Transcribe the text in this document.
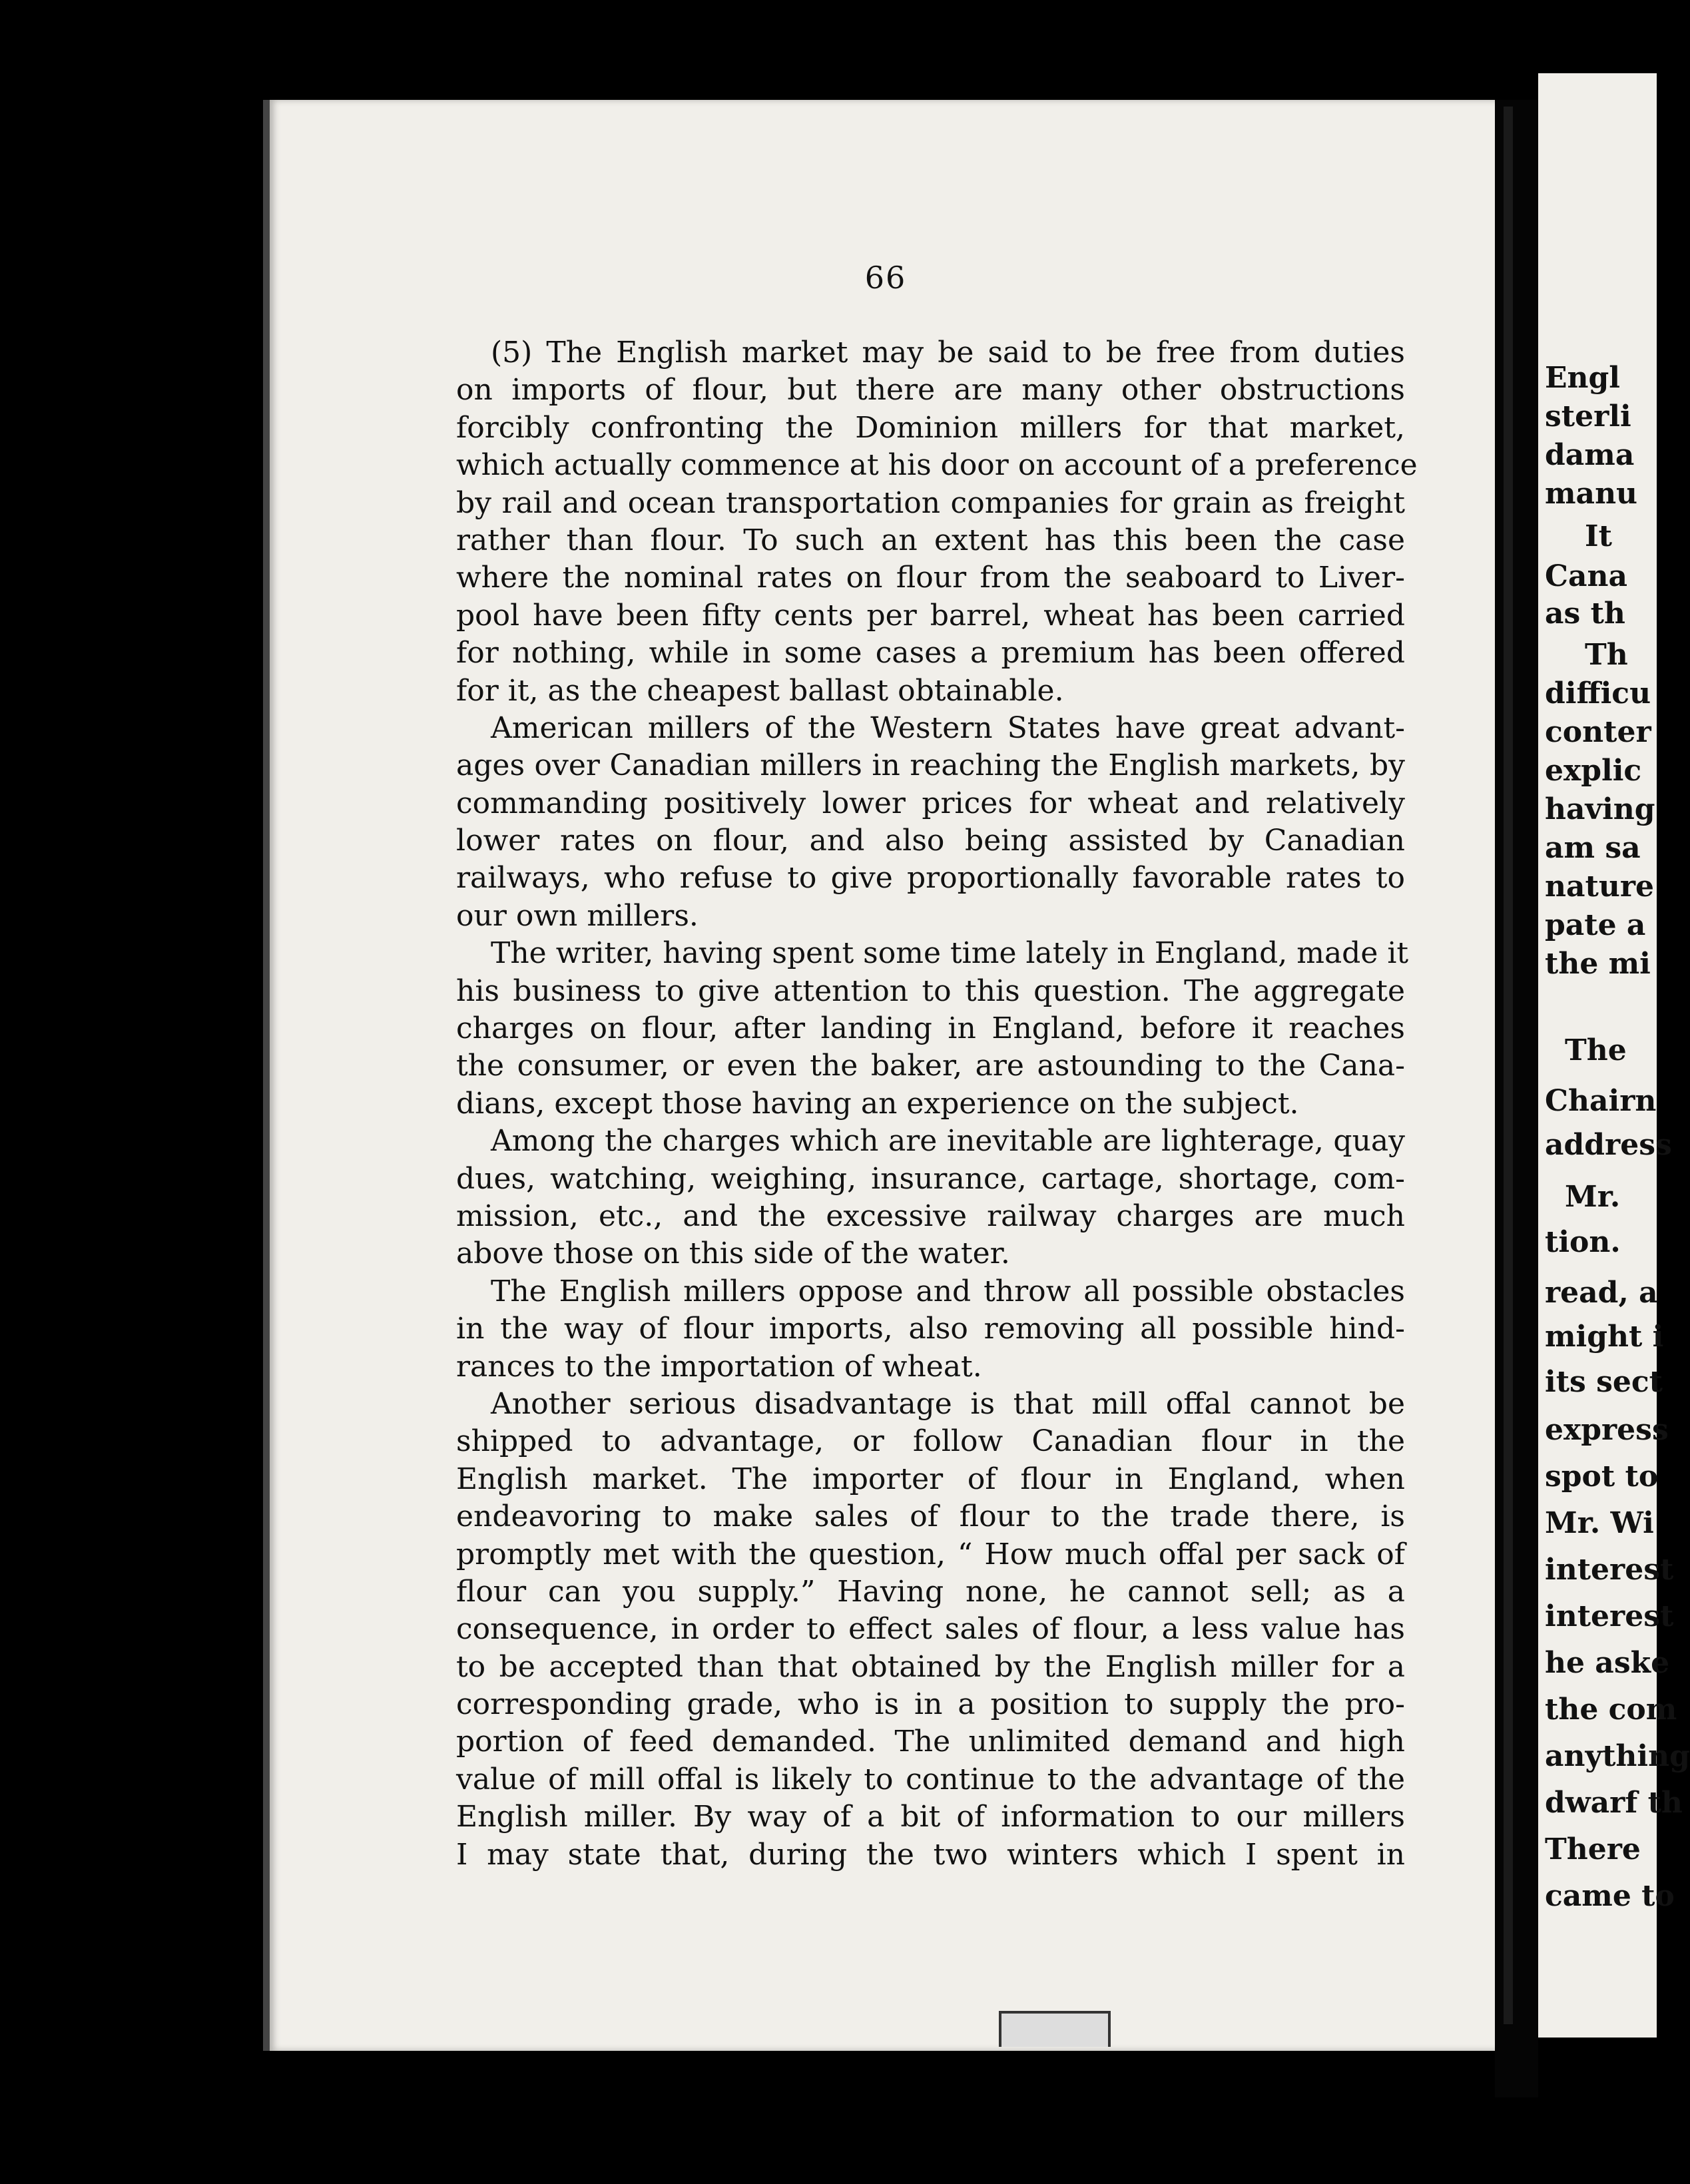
66
(5) The English market may be said to be free from duties
on imports of flour, but there are many other obstructions
forcibly confronting the Dominion millers for that market,
which actually commence at his door on account of a preference
by rail and ocean transportation companies for grain as freight
rather than flour. To such an extent has this been the case
where the nominal rates on flour from the seaboard to Liver-
pool have been fifty cents per barrel, wheat has been carried
for nothing, while in some cases a premium has been offered
for it, as the cheapest ballast obtainable.
American millers of the Western States have great advant-
ages over Canadian millers in reaching the English markets, by
commanding positively lower prices for wheat and relatively
lower rates on flour, and also being assisted by Canadian
railways, who refuse to give proportionally favorable rates to
our own millers.
The writer, having spent some time lately in England, made it
his business to give attention to this question. The aggregate
charges on flour, after landing in England, before it reaches
the consumer, or even the baker, are astounding to the Cana-
dians, except those having an experience on the subject.
Among the charges which are inevitable are lighterage, quay
dues, watching, weighing, insurance, cartage, shortage, com-
mission, etc., and the excessive railway charges are much
above those on this side of the water.
The English millers oppose and throw all possible obstacles
in the way of flour imports, also removing all possible hind-
rances to the importation of wheat.
Another serious disadvantage is that mill offal cannot be
shipped to advantage, or follow Canadian flour in the
English market. The importer of flour in England, when
endeavoring to make sales of flour to the trade there, is
promptly met with the question, “ How much offal per sack of
flour can you supply.” Having none, he cannot sell; as a
consequence, in order to effect sales of flour, a less value has
to be accepted than that obtained by the English miller for a
corresponding grade, who is in a position to supply the pro-
portion of feed demanded. The unlimited demand and high
value of mill offal is likely to continue to the advantage of the
English miller. By way of a bit of information to our millers
I may state that, during the two winters which I spent in
Engl
sterli
dama
manu
It
Cana
as th
Th
difficu
conter
explic
having
am sa
nature
pate a
the mi
The
Chairn
address
Mr.
tion.
read, a
might i
its sect
express
spot to
Mr. Wi
interest
interest
he aske
the com
anything
dwarf th
There
came to
